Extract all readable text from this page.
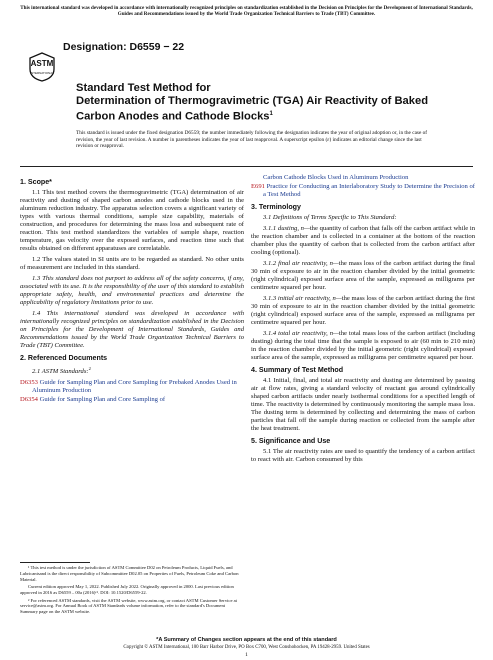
This international standard was developed in accordance with internationally recognized principles on standardization established in the Decision on Principles for the Development of International Standards, Guides and Recommendations issued by the World Trade Organization Technical Barriers to Trade (TBT) Committee.
ASTM
INTERNATIONAL
Designation: D6559 − 22
Standard Test Method for
Determination of Thermogravimetric (TGA) Air Reactivity of Baked Carbon Anodes and Cathode Blocks$^1$
This standard is issued under the fixed designation D6559; the number immediately following the designation indicates the year of original adoption or, in the case of revision, the year of last revision. A number in parentheses indicates the year of last reapproval. A superscript epsilon (ε) indicates an editorial change since the last revision or reapproval.
1. Scope*
1.1 This test method covers the thermogravimetric (TGA) determination of air reactivity and dusting of shaped carbon anodes and cathode blocks used in the aluminum reduction industry. The apparatus selection covers a significant variety of types with various thermal conditions, sample size capability, materials of construction, and procedures for determining the mass loss and subsequent rate of reaction. This test method standardizes the variables of sample shape, reaction temperature, gas velocity over the exposed surfaces, and reaction time such that results obtained on different apparatuses are correlatable.
1.2 The values stated in SI units are to be regarded as standard. No other units of measurement are included in this standard.
1.3 This standard does not purport to address all of the safety concerns, if any, associated with its use. It is the responsibility of the user of this standard to establish appropriate safety, health, and environmental practices and determine the applicability of regulatory limitations prior to use.
1.4 This international standard was developed in accordance with internationally recognized principles on standardization established in the Decision on Principles for the Development of International Standards, Guides and Recommendations issued by the World Trade Organization Technical Barriers to Trade (TBT) Committee.
2. Referenced Documents
2.1 ASTM Standards:$^2$
D6353 Guide for Sampling Plan and Core Sampling for Prebaked Anodes Used in Aluminum Production
D6354 Guide for Sampling Plan and Core Sampling of
Carbon Cathode Blocks Used in Aluminum Production
E691 Practice for Conducting an Interlaboratory Study to Determine the Precision of a Test Method
3. Terminology
3.1 Definitions of Terms Specific to This Standard:
3.1.1 dusting, n—the quantity of carbon that falls off the carbon artifact while in the reaction chamber and is collected in a container at the bottom of the reaction chamber plus the quantity of carbon that is collected from the carbon artifact after cooling (optional).
3.1.2 final air reactivity, n—the mass loss of the carbon artifact during the final 30 min of exposure to air in the reaction chamber divided by the initial geometric (right cylindrical) exposed surface area of the sample, expressed as milligrams per centimetre squared per hour.
3.1.3 initial air reactivity, n—the mass loss of the carbon artifact during the first 30 min of exposure to air in the reaction chamber divided by the initial geometric (right cylindrical) exposed surface area of the sample, expressed as milligrams per centimetre squared per hour.
3.1.4 total air reactivity, n—the total mass loss of the carbon artifact (including dusting) during the total time that the sample is exposed to air (60 min to 210 min) in the reaction chamber divided by the initial geometric (right cylindrical) exposed surface area of the sample, expressed as milligrams per centimetre squared per hour.
4. Summary of Test Method
4.1 Initial, final, and total air reactivity and dusting are determined by passing air at flow rates, giving a standard velocity of reactant gas around cylindrically shaped carbon artifacts under nearly isothermal conditions for a specified length of time. The reactivity is determined by continuously monitoring the sample mass loss. The dusting term is determined by collecting and determining the mass of carbon particles that fall off the sample during reaction or collected from the sample after the heat treatment.
5. Significance and Use
5.1 The air reactivity rates are used to quantify the tendency of a carbon artifact to react with air. Carbon consumed by this

¹ This test method is under the jurisdiction of ASTM Committee D02 on Petroleum Products, Liquid Fuels, and Lubricantsand is the direct responsibility of Subcommittee D02.05 on Properties of Fuels, Petroleum Coke and Carbon Material.

Current edition approved May 1, 2022. Published July 2022. Originally approved in 2000. Last previous edition approved in 2016 as D6559 – 00a (2016)ᵉ¹. DOI: 10.1520/D6559-22.

² For referenced ASTM standards, visit the ASTM website, www.astm.org, or contact ASTM Customer Service at service@astm.org. For Annual Book of ASTM Standards volume information, refer to the standard's Document Summary page on the ASTM website.

*A Summary of Changes section appears at the end of this standard
Copyright © ASTM International, 100 Barr Harbor Drive, PO Box C700, West Conshohocken, PA 19428-2959. United States
1
